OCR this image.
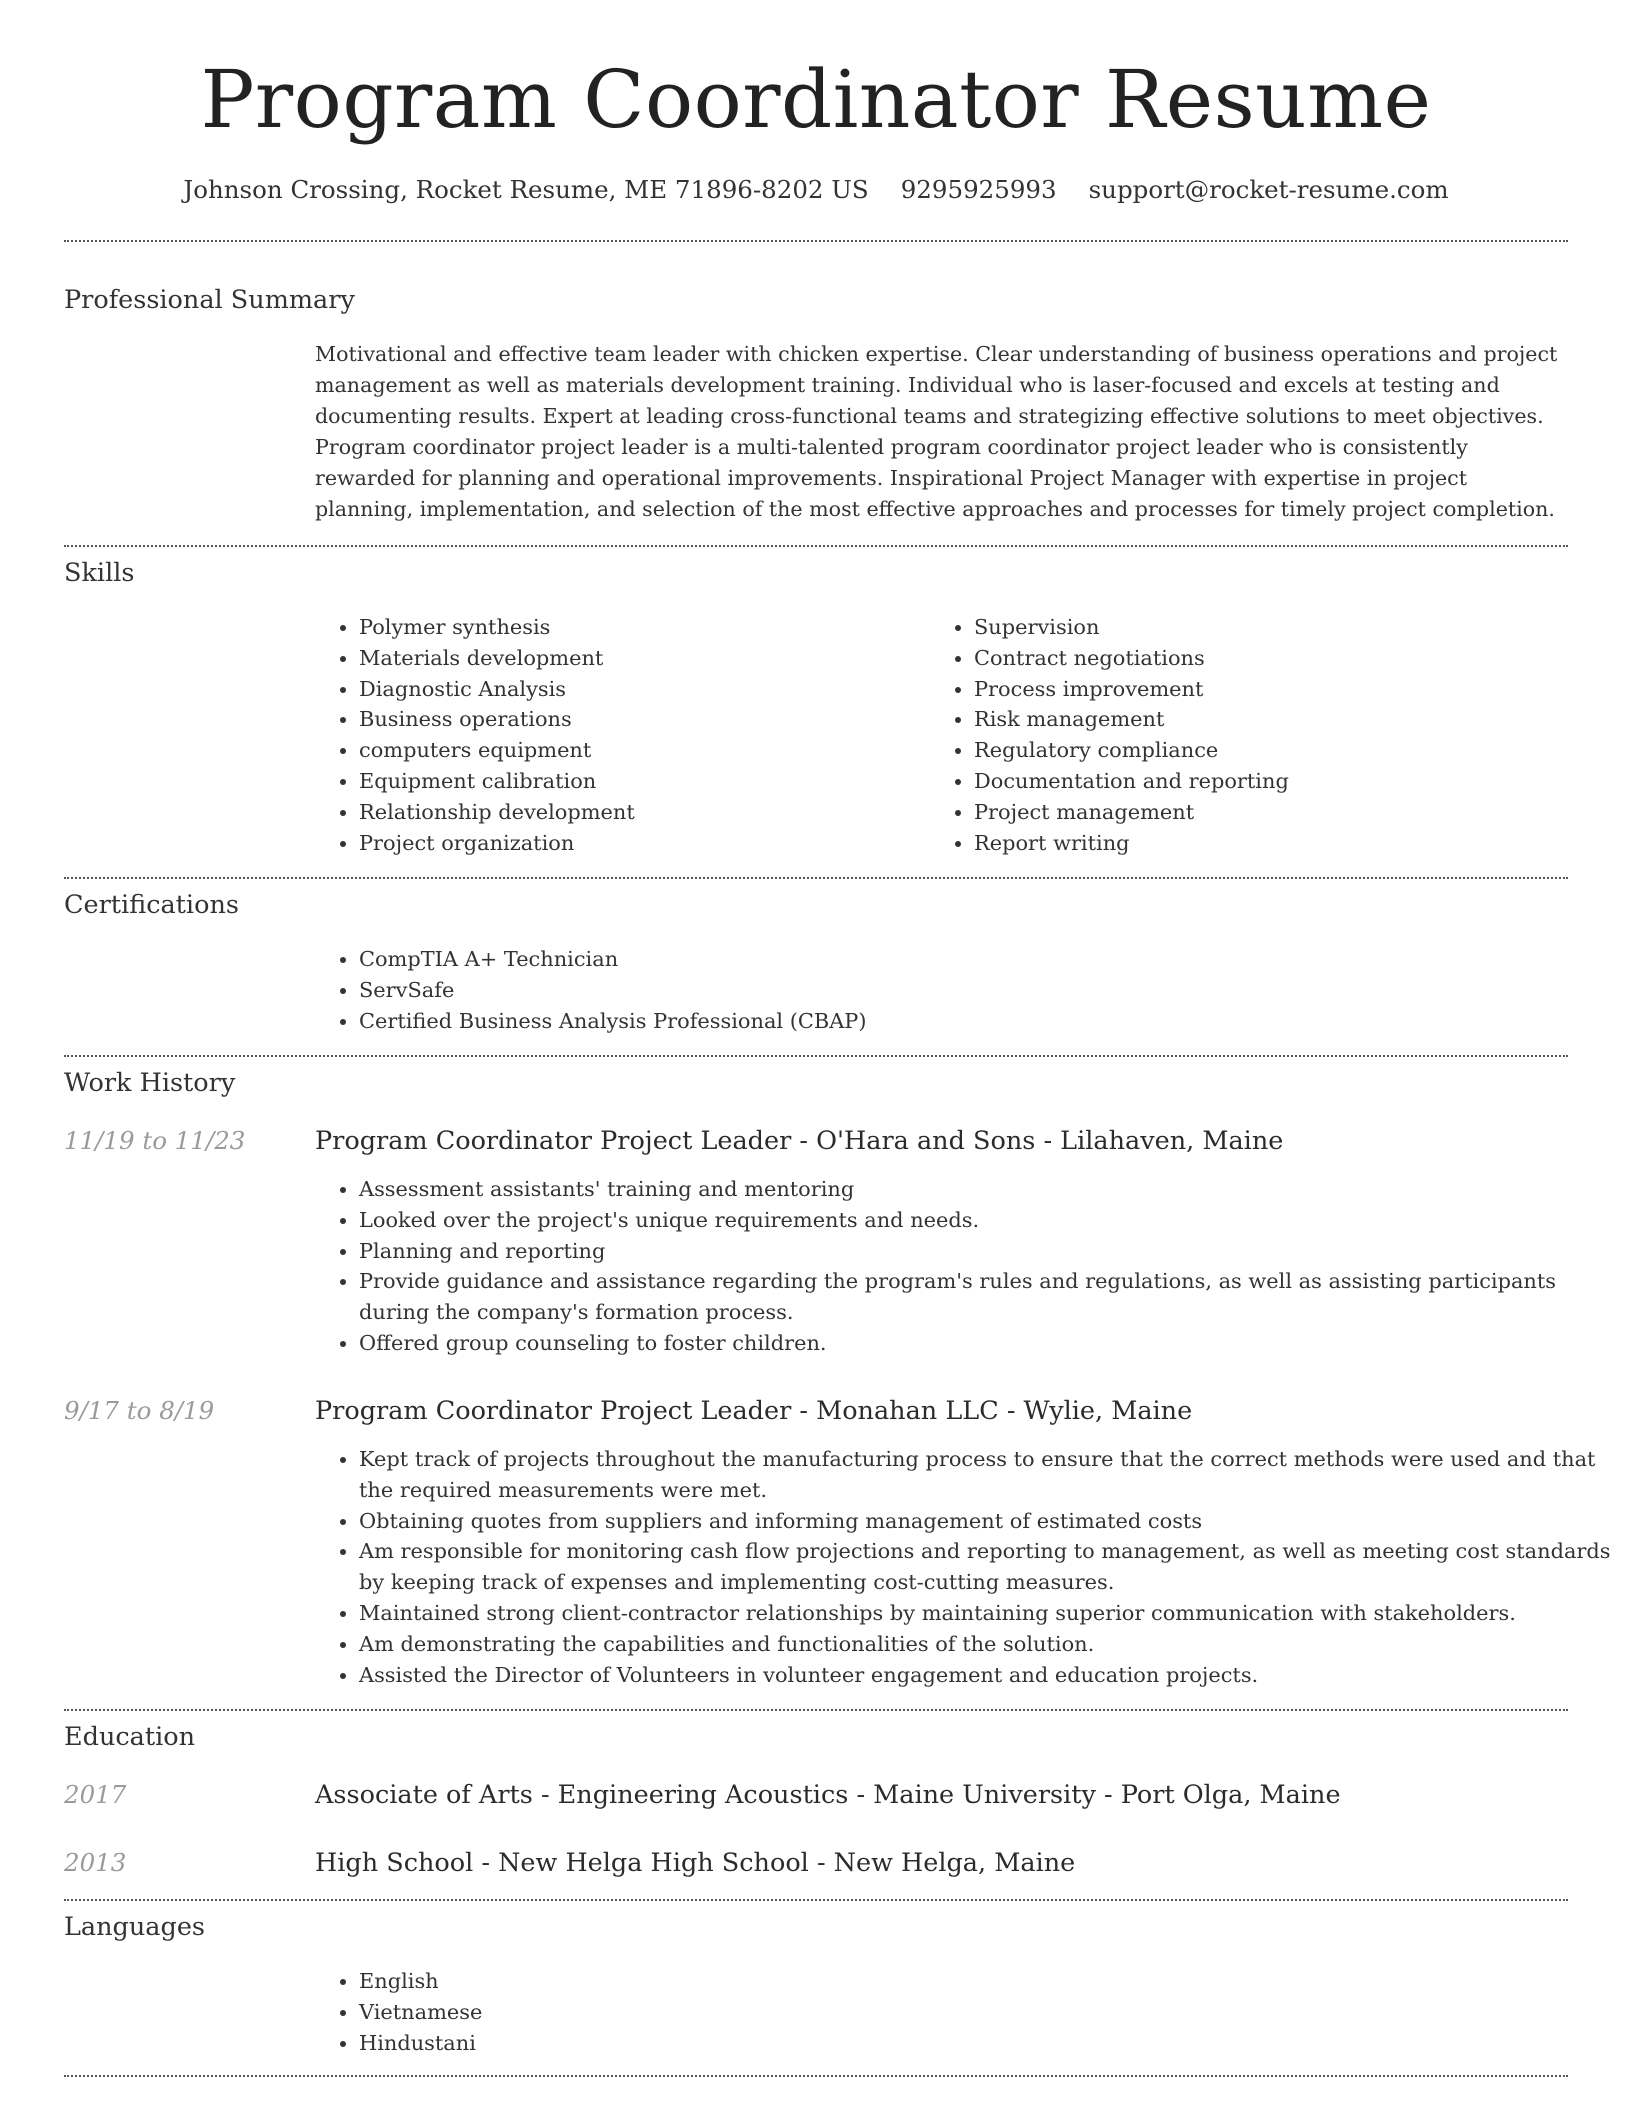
Program Coordinator Resume
Johnson Crossing, Rocket Resume, ME 71896-8202 US 9295925993 support@rocket-resume.com
Professional Summary

Motivational and effective team leader with chicken expertise. Clear understanding of business operations and project management as well as materials development training. Individual who is laser-focused and excels at testing and documenting results. Expert at leading cross-functional teams and strategizing effective solutions to meet objectives. Program coordinator project leader is a multi-talented program coordinator project leader who is consistently rewarded for planning and operational improvements. Inspirational Project Manager with expertise in project planning, implementation, and selection of the most effective approaches and processes for timely project completion.

Skills
• Polymer synthesis
• Materials development
• Diagnostic Analysis
• Business operations
• computers equipment
• Equipment calibration
• Relationship development
• Project organization
• Supervision
• Contract negotiations
• Process improvement
• Risk management
• Regulatory compliance
• Documentation and reporting
• Project management
• Report writing
Certifications
• CompTIA A+ Technician
• ServSafe
• Certified Business Analysis Professional (CBAP)
Work History
11/19 to 11/23	Program Coordinator Project Leader - O'Hara and Sons - Lilahaven, Maine
• Assessment assistants' training and mentoring
• Looked over the project's unique requirements and needs.
• Planning and reporting
• Provide guidance and assistance regarding the program's rules and regulations, as well as assisting participants during the company's formation process.
• Offered group counseling to foster children.
9/17 to 8/19	Program Coordinator Project Leader - Monahan LLC - Wylie, Maine
• Kept track of projects throughout the manufacturing process to ensure that the correct methods were used and that the required measurements were met.
• Obtaining quotes from suppliers and informing management of estimated costs
• Am responsible for monitoring cash flow projections and reporting to management, as well as meeting cost standards by keeping track of expenses and implementing cost-cutting measures.
• Maintained strong client-contractor relationships by maintaining superior communication with stakeholders.
• Am demonstrating the capabilities and functionalities of the solution.
• Assisted the Director of Volunteers in volunteer engagement and education projects.
Education
2017	Associate of Arts - Engineering Acoustics - Maine University - Port Olga, Maine
2013	High School - New Helga High School - New Helga, Maine
Languages
• English
• Vietnamese
• Hindustani
